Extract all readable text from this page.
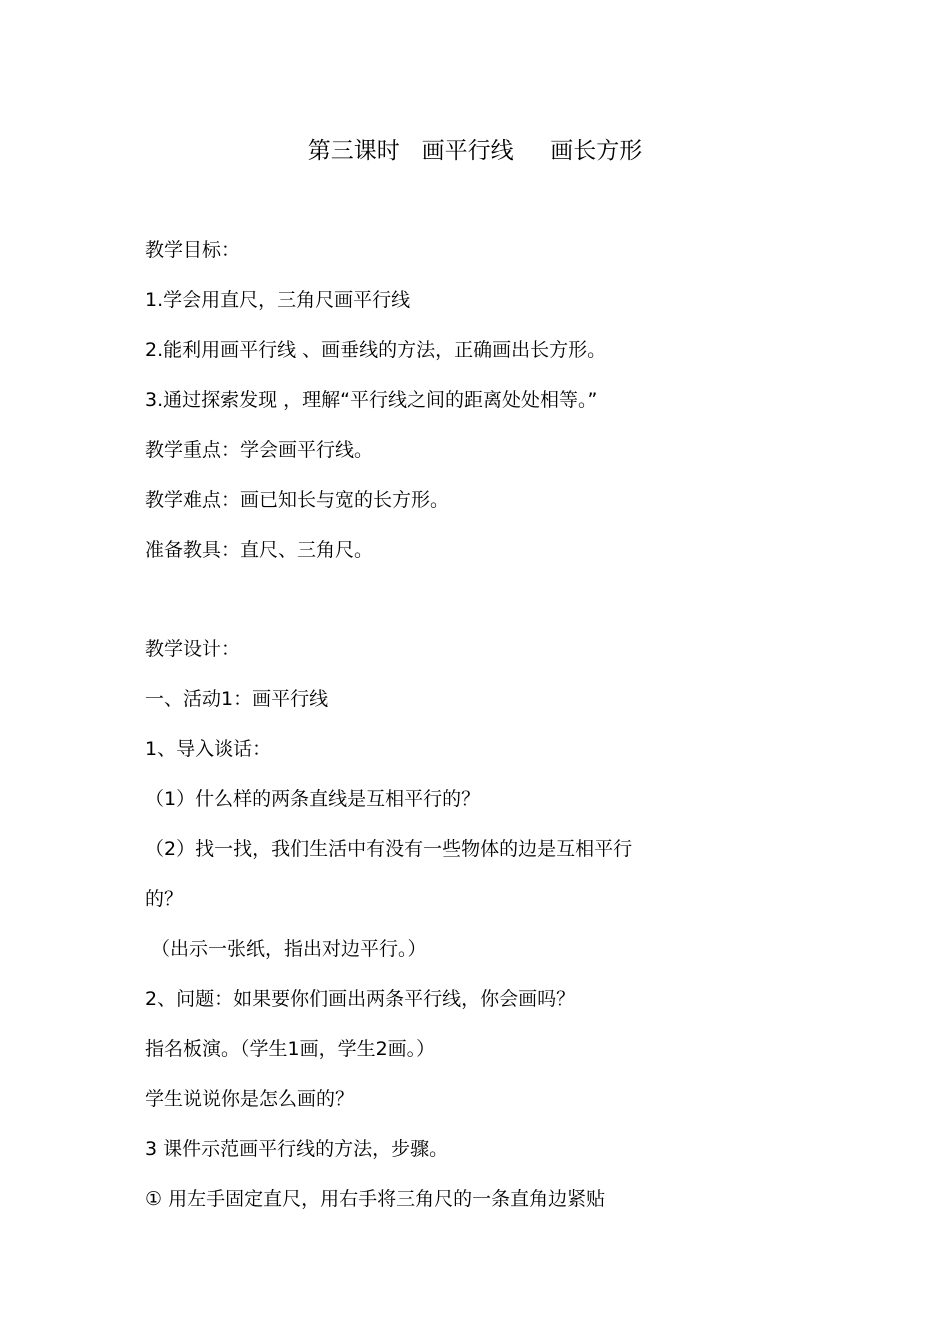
第三课时   画平行线     画长方形
教学目标：
1.学会用直尺，三角尺画平行线
2.能利用画平行线 、画垂线的方法，正确画出长方形。
3.通过探索发现 ，理解“平行线之间的距离处处相等。”
教学重点：学会画平行线。
教学难点：画已知长与宽的长方形。
准备教具：直尺、三角尺。
教学设计：
一、活动1：画平行线
1、导入谈话：
（1）什么样的两条直线是互相平行的？
（2）找一找，我们生活中有没有一些物体的边是互相平行
的？
（出示一张纸，指出对边平行。）
2、问题：如果要你们画出两条平行线，你会画吗？
指名板演。（学生1画，学生2画。）
学生说说你是怎么画的？
3 课件示范画平行线的方法，步骤。
① 用左手固定直尺，用右手将三角尺的一条直角边紧贴
